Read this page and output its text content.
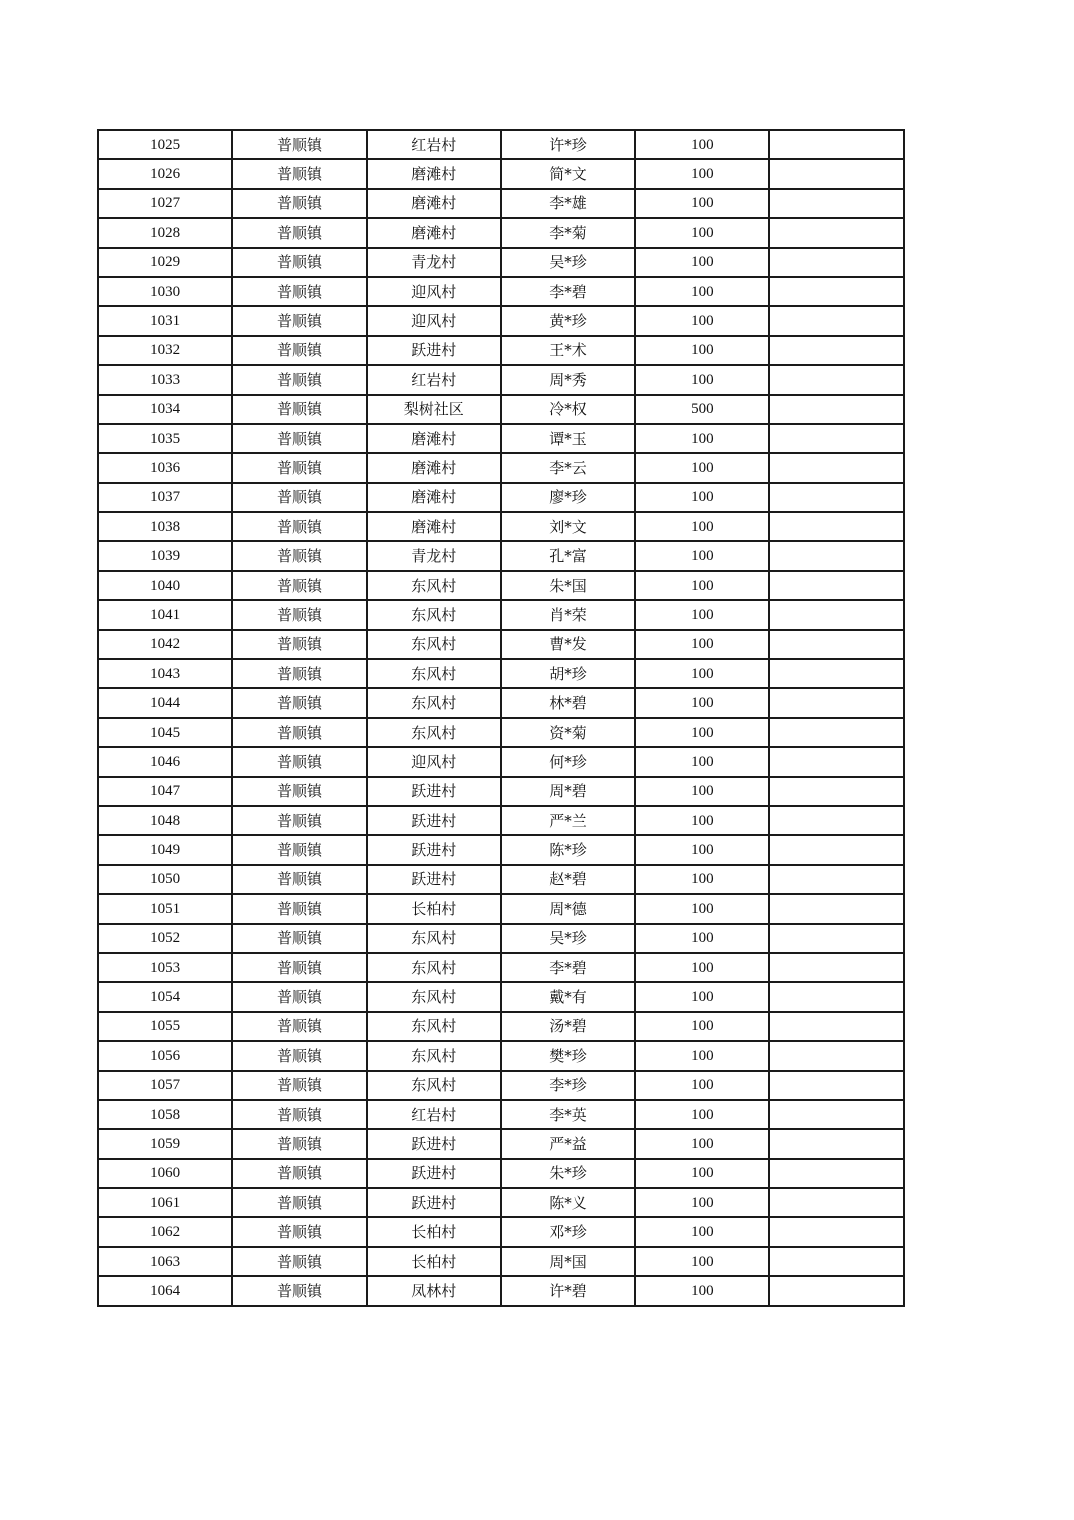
1025	普顺镇	红岩村	许*珍	100	
1026	普顺镇	磨滩村	简*文	100	
1027	普顺镇	磨滩村	李*雄	100	
1028	普顺镇	磨滩村	李*菊	100	
1029	普顺镇	青龙村	吴*珍	100	
1030	普顺镇	迎风村	李*碧	100	
1031	普顺镇	迎风村	黄*珍	100	
1032	普顺镇	跃进村	王*术	100	
1033	普顺镇	红岩村	周*秀	100	
1034	普顺镇	梨树社区	冷*权	500	
1035	普顺镇	磨滩村	谭*玉	100	
1036	普顺镇	磨滩村	李*云	100	
1037	普顺镇	磨滩村	廖*珍	100	
1038	普顺镇	磨滩村	刘*文	100	
1039	普顺镇	青龙村	孔*富	100	
1040	普顺镇	东风村	朱*国	100	
1041	普顺镇	东风村	肖*荣	100	
1042	普顺镇	东风村	曹*发	100	
1043	普顺镇	东风村	胡*珍	100	
1044	普顺镇	东风村	林*碧	100	
1045	普顺镇	东风村	资*菊	100	
1046	普顺镇	迎风村	何*珍	100	
1047	普顺镇	跃进村	周*碧	100	
1048	普顺镇	跃进村	严*兰	100	
1049	普顺镇	跃进村	陈*珍	100	
1050	普顺镇	跃进村	赵*碧	100	
1051	普顺镇	长柏村	周*德	100	
1052	普顺镇	东风村	吴*珍	100	
1053	普顺镇	东风村	李*碧	100	
1054	普顺镇	东风村	戴*有	100	
1055	普顺镇	东风村	汤*碧	100	
1056	普顺镇	东风村	樊*珍	100	
1057	普顺镇	东风村	李*珍	100	
1058	普顺镇	红岩村	李*英	100	
1059	普顺镇	跃进村	严*益	100	
1060	普顺镇	跃进村	朱*珍	100	
1061	普顺镇	跃进村	陈*义	100	
1062	普顺镇	长柏村	邓*珍	100	
1063	普顺镇	长柏村	周*国	100	
1064	普顺镇	凤林村	许*碧	100	
